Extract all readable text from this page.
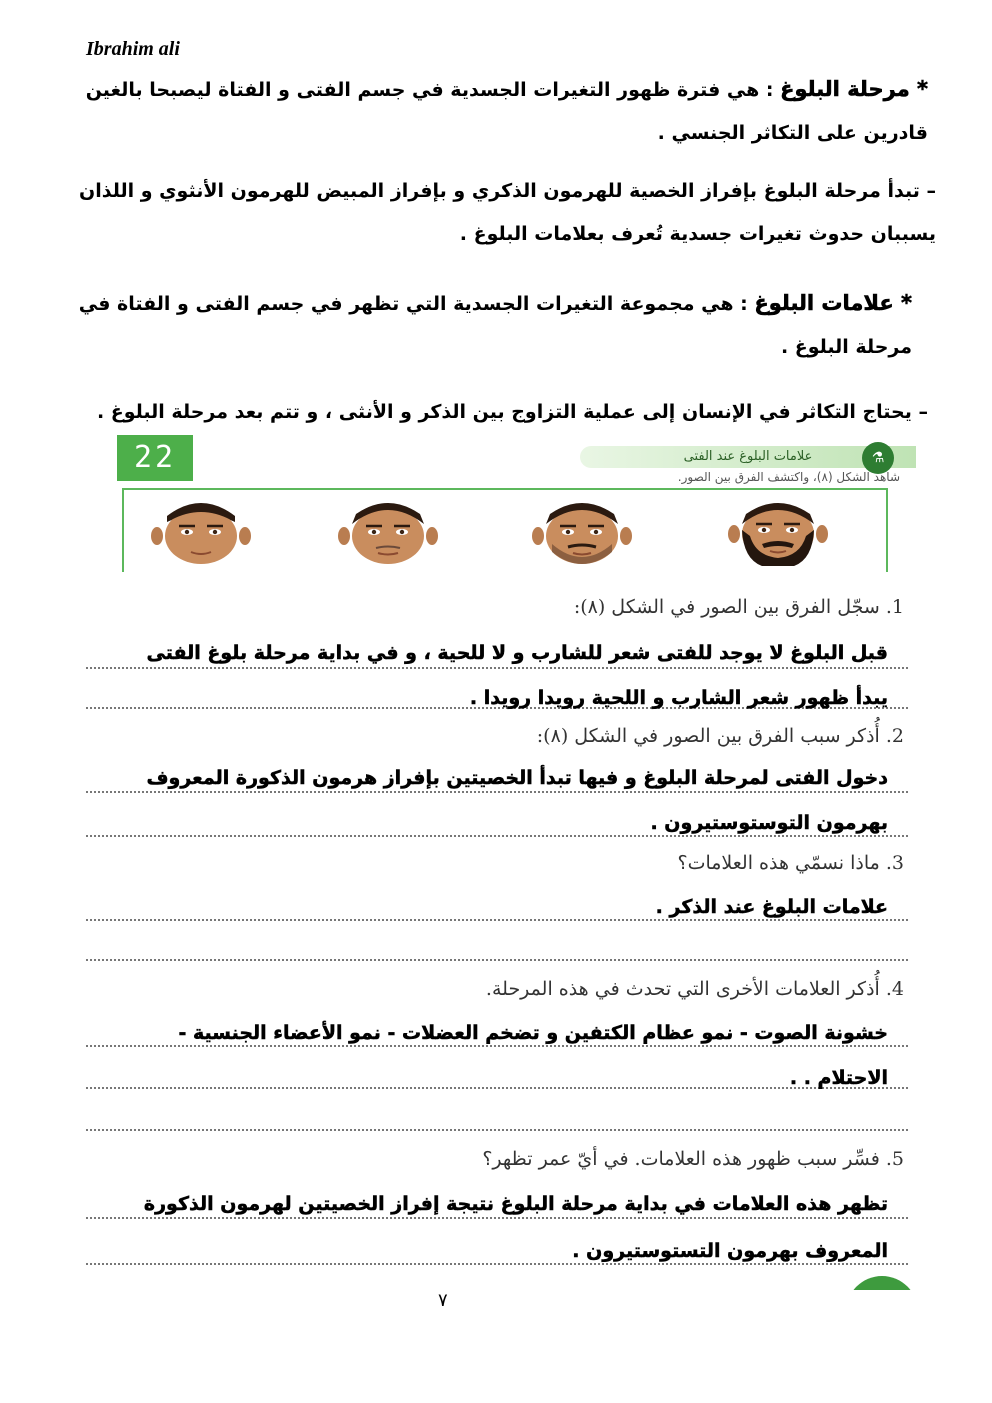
Ibrahim ali
* مرحلة البلوغ : هي فترة ظهور التغيرات الجسدية في جسم الفتى و الفتاة ليصبحا بالغين قادرين على التكاثر الجنسي .
– تبدأ مرحلة البلوغ بإفراز الخصية للهرمون الذكري و بإفراز المبيض للهرمون الأنثوي و اللذان يسببان حدوث تغيرات جسدية تُعرف بعلامات البلوغ .
* علامات البلوغ : هي مجموعة التغيرات الجسدية التي تظهر في جسم الفتى و الفتاة في مرحلة البلوغ .
– يحتاج التكاثر في الإنسان إلى عملية التزاوج بين الذكر و الأنثى ، و تتم بعد مرحلة البلوغ .
22	علامات البلوغ عند الفتى	⚗
شاهد الشكل (٨)، واكتشف الفرق بين الصور.
1. سجّل الفرق بين الصور في الشكل (٨):
قبل البلوغ لا يوجد للفتى شعر للشارب و لا للحية ، و في بداية مرحلة بلوغ الفتى
يبدأ ظهور شعر الشارب و اللحية رويدا رويدا .
2. أُذكر سبب الفرق بين الصور في الشكل (٨):
دخول الفتى لمرحلة البلوغ و فيها تبدأ الخصيتين بإفراز هرمون الذكورة المعروف
بهرمون التوستوستيرون .
3. ماذا نسمّي هذه العلامات؟
علامات البلوغ عند الذكر .
4. أُذكر العلامات الأخرى التي تحدث في هذه المرحلة.
خشونة الصوت - نمو عظام الكتفين و تضخم العضلات - نمو الأعضاء الجنسية -
الاحتلام . .
5. فسِّر سبب ظهور هذه العلامات. في أيّ عمر تظهر؟
تظهر هذه العلامات في بداية مرحلة البلوغ نتيجة إفراز الخصيتين لهرمون الذكورة
المعروف بهرمون التستوستيرون .
٧
